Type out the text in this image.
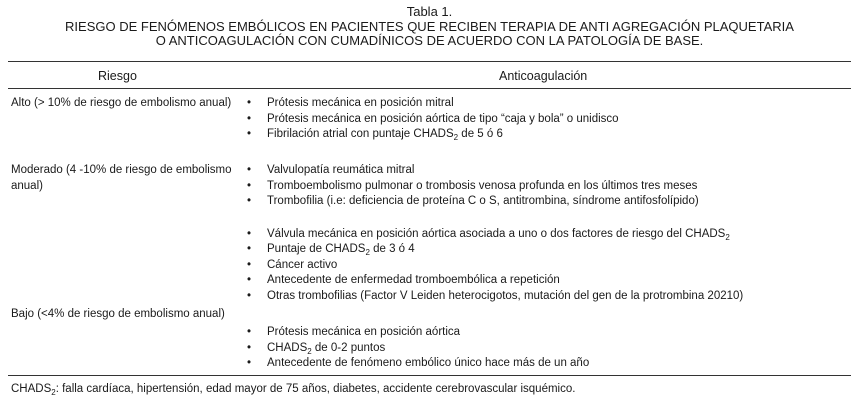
Tabla 1.
RIESGO DE FENÓMENOS EMBÓLICOS EN PACIENTES QUE RECIBEN TERAPIA DE ANTI AGREGACIÓN PLAQUETARIA
O ANTICOAGULACIÓN CON CUMADÍNICOS DE ACUERDO CON LA PATOLOGÍA DE BASE.
Riesgo	Anticoagulación
Alto (> 10% de riesgo de embolismo anual)	• Prótesis mecánica en posición mitral
• Prótesis mecánica en posición aórtica de tipo “caja y bola” o unidisco
• Fibrilación atrial con puntaje $CHADS_2$ de 5 ó 6
Moderado (4 -10% de riesgo de embolismo anual)
• Valvulopatía reumática mitral
• Tromboembolismo pulmonar o trombosis venosa profunda en los últimos tres meses
• Trombofilia (i.e: deficiencia de proteína C o S, antitrombina, síndrome antifosfolípido)
• Válvula mecánica en posición aórtica asociada a uno o dos factores de riesgo del $CHADS_2$
• Puntaje de $CHADS_2$ de 3 ó 4
• Cáncer activo
• Antecedente de enfermedad tromboembólica a repetición
• Otras trombofilias (Factor V Leiden heterocigotos, mutación del gen de la protrombina 20210)
Bajo (<4% de riesgo de embolismo anual)
• Prótesis mecánica en posición aórtica
• $CHADS_2$ de 0-2 puntos
• Antecedente de fenómeno embólico único hace más de un año
$CHADS_2$: falla cardíaca, hipertensión, edad mayor de 75 años, diabetes, accidente cerebrovascular isquémico.
